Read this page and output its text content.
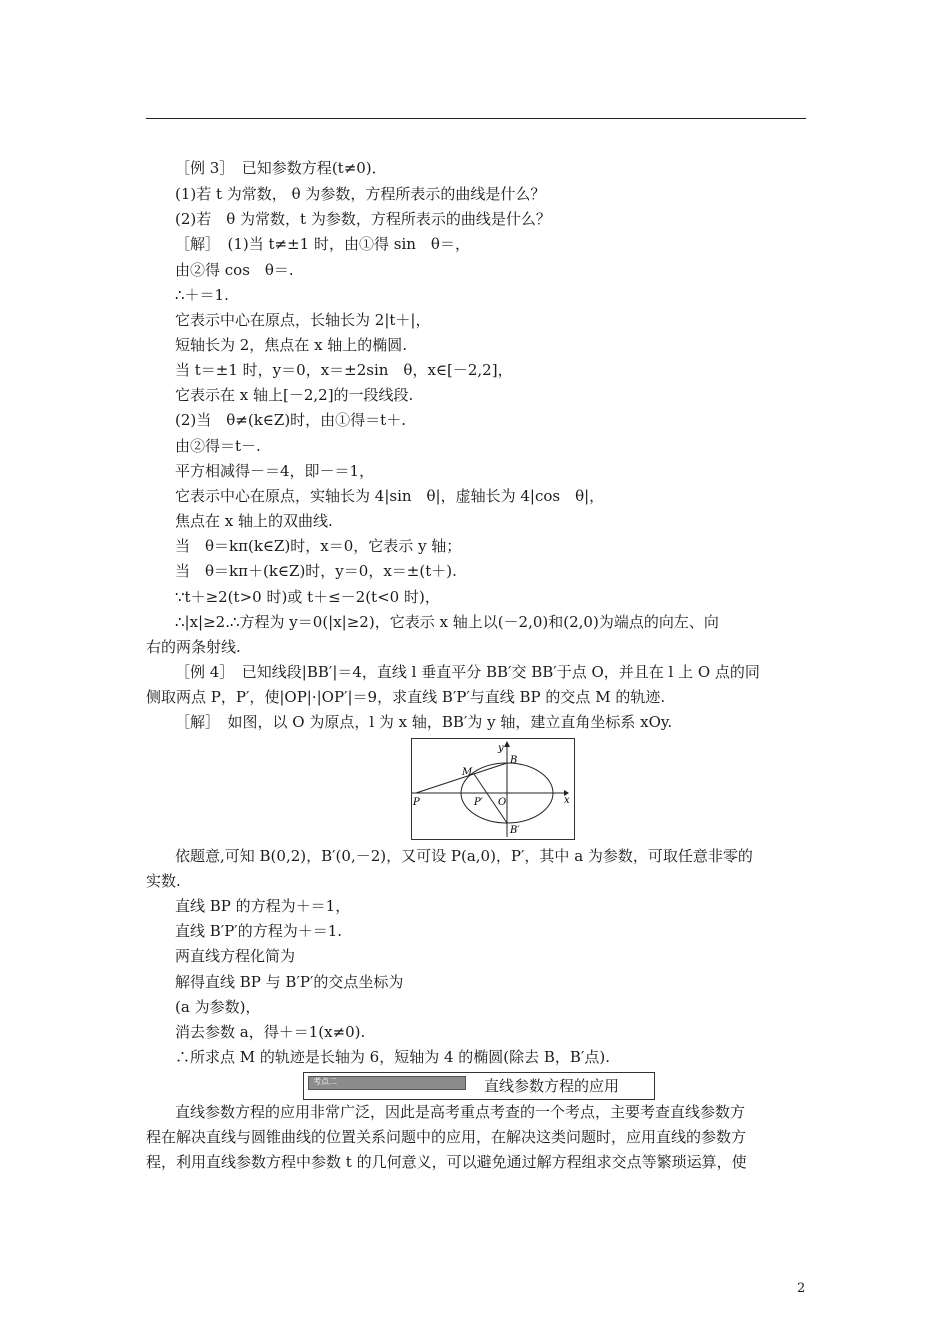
［例 3］　已知参数方程(t≠0)．
(1)若 t 为常数， θ 为参数，方程所表示的曲线是什么？
(2)若　θ 为常数，t 为参数，方程所表示的曲线是什么？
［解］　(1)当 t≠±1 时，由①得 sin　θ＝，
由②得 cos　θ＝.
∴＋＝1.
它表示中心在原点，长轴长为 2|t＋|，
短轴长为 2，焦点在 x 轴上的椭圆.
当 t＝±1 时，y＝0，x＝±2sin　θ，x∈[－2,2]，
它表示在 x 轴上[－2,2]的一段线段.
(2)当　θ≠(k∈Z)时，由①得＝t＋.
由②得＝t－.
平方相减得－＝4，即－＝1，
它表示中心在原点，实轴长为 4|sin　θ|，虚轴长为 4|cos　θ|，
焦点在 x 轴上的双曲线.
当　θ＝kπ(k∈Z)时，x＝0，它表示 y 轴；
当　θ＝kπ＋(k∈Z)时，y＝0，x＝±(t＋).
∵t＋≥2(t>0 时)或 t＋≤－2(t<0 时)，
∴|x|≥2.∴方程为 y＝0(|x|≥2)，它表示 x 轴上以(－2,0)和(2,0)为端点的向左、向
右的两条射线.
［例 4］　已知线段|BB′|＝4，直线 l 垂直平分 BB′交 BB′于点 O，并且在 l 上 O 点的同
侧取两点 P，P′，使|OP|·|OP′|＝9，求直线 B′P′与直线 BP 的交点 M 的轨迹.
［解］　如图，以 O 为原点，l 为 x 轴，BB′为 y 轴，建立直角坐标系 xOy.
y
B
M
P	P′ O	x
B′
依题意,可知 B(0,2)，B′(0,－2)，又可设 P(a,0)，P′，其中 a 为参数，可取任意非零的
实数.
直线 BP 的方程为＋＝1，
直线 B′P′的方程为＋＝1.
两直线方程化简为
解得直线 BP 与 B′P′的交点坐标为
(a 为参数)，
消去参数 a，得＋＝1(x≠0).
∴所求点 M 的轨迹是长轴为 6，短轴为 4 的椭圆(除去 B，B′点).
考点二	直线参数方程的应用
直线参数方程的应用非常广泛，因此是高考重点考查的一个考点，主要考查直线参数方
程在解决直线与圆锥曲线的位置关系问题中的应用，在解决这类问题时，应用直线的参数方
程，利用直线参数方程中参数 t 的几何意义，可以避免通过解方程组求交点等繁琐运算，使
2
